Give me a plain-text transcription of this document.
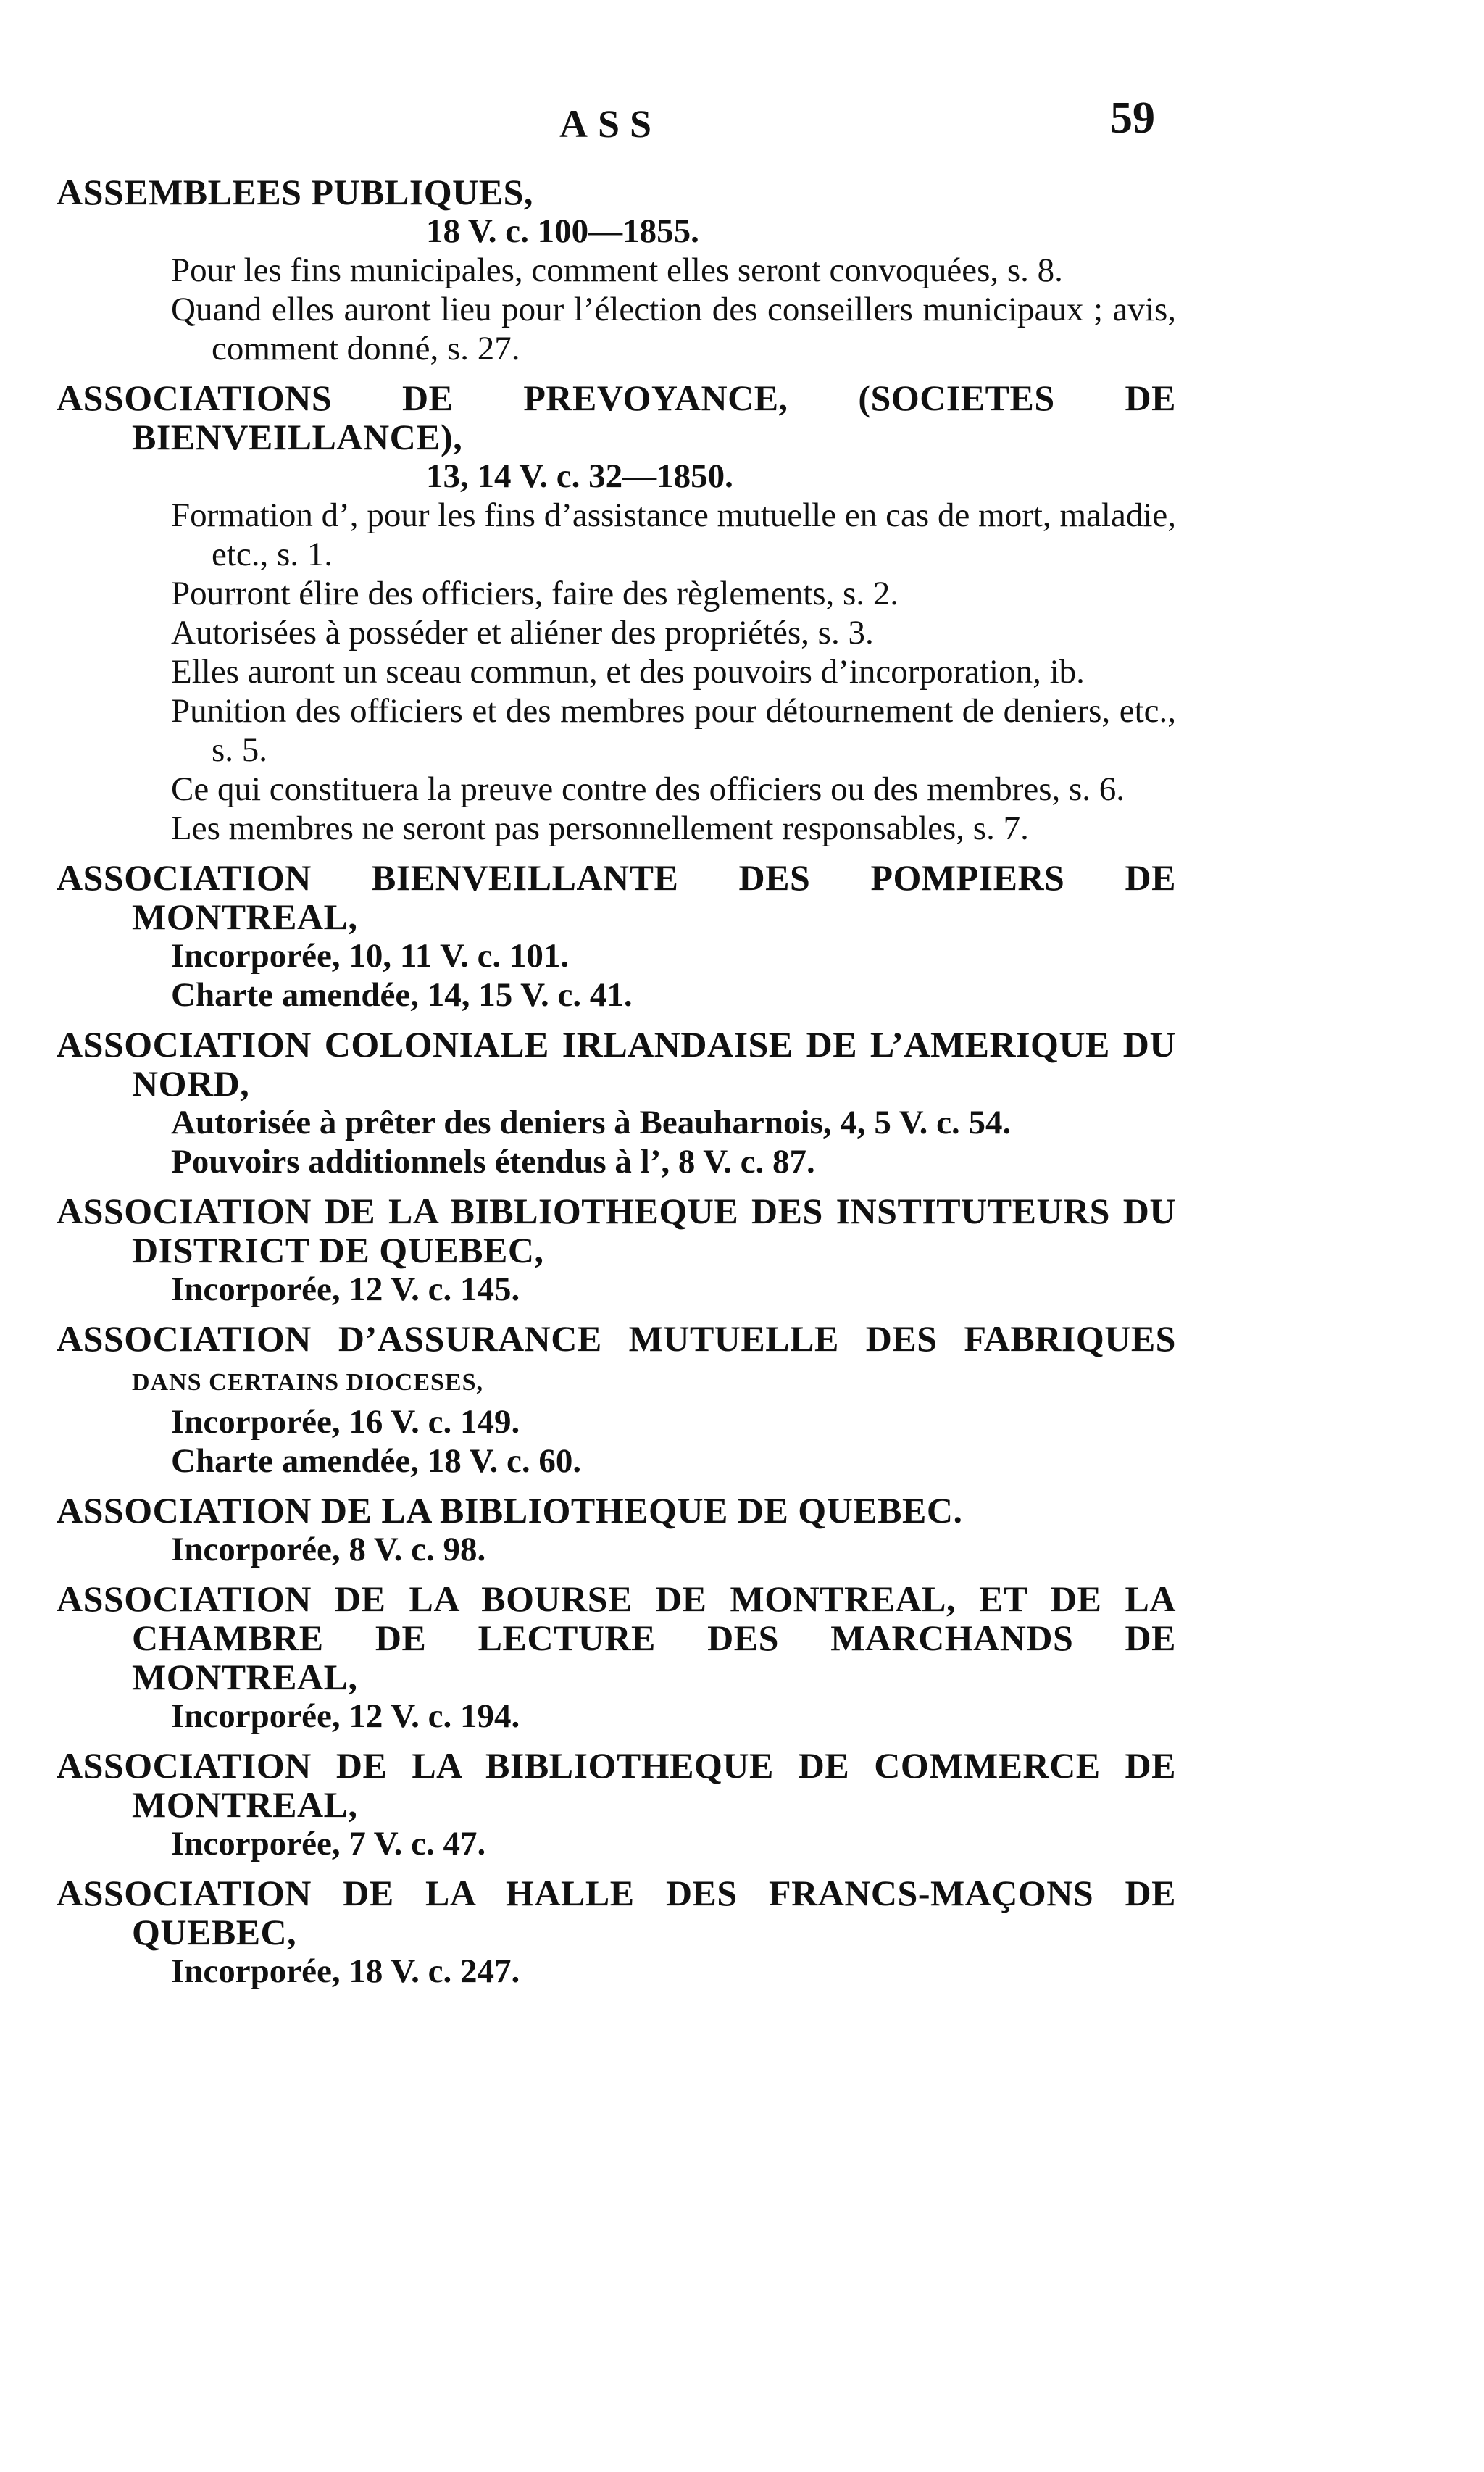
ASS	59
ASSEMBLEES PUBLIQUES,
18 V. c. 100—1855.
Pour les fins municipales, comment elles seront convoquées, s. 8.
Quand elles auront lieu pour l’élection des conseillers municipaux ; avis, comment donné, s. 27.
ASSOCIATIONS DE PREVOYANCE, (SOCIETES DE BIENVEILLANCE),
13, 14 V. c. 32—1850.
Formation d’, pour les fins d’assistance mutuelle en cas de mort, maladie, etc., s. 1.
Pourront élire des officiers, faire des règlements, s. 2.
Autorisées à posséder et aliéner des propriétés, s. 3.
Elles auront un sceau commun, et des pouvoirs d’incorporation, ib.
Punition des officiers et des membres pour détournement de deniers, etc., s. 5.
Ce qui constituera la preuve contre des officiers ou des membres, s. 6.
Les membres ne seront pas personnellement responsables, s. 7.
ASSOCIATION BIENVEILLANTE DES POMPIERS DE MONTREAL,
Incorporée, 10, 11 V. c. 101.
Charte amendée, 14, 15 V. c. 41.
ASSOCIATION COLONIALE IRLANDAISE DE L’AMERIQUE DU NORD,
Autorisée à prêter des deniers à Beauharnois, 4, 5 V. c. 54.
Pouvoirs additionnels étendus à l’, 8 V. c. 87.
ASSOCIATION DE LA BIBLIOTHEQUE DES INSTITUTEURS DU DISTRICT DE QUEBEC,
Incorporée, 12 V. c. 145.
ASSOCIATION D’ASSURANCE MUTUELLE DES FABRIQUES DANS CERTAINS DIOCESES,
Incorporée, 16 V. c. 149.
Charte amendée, 18 V. c. 60.
ASSOCIATION DE LA BIBLIOTHEQUE DE QUEBEC.
Incorporée, 8 V. c. 98.
ASSOCIATION DE LA BOURSE DE MONTREAL, ET DE LA CHAMBRE DE LECTURE DES MARCHANDS DE MONTREAL,
Incorporée, 12 V. c. 194.
ASSOCIATION DE LA BIBLIOTHEQUE DE COMMERCE DE MONTREAL,
Incorporée, 7 V. c. 47.
ASSOCIATION DE LA HALLE DES FRANCS-MAÇONS DE QUEBEC,
Incorporée, 18 V. c. 247.
